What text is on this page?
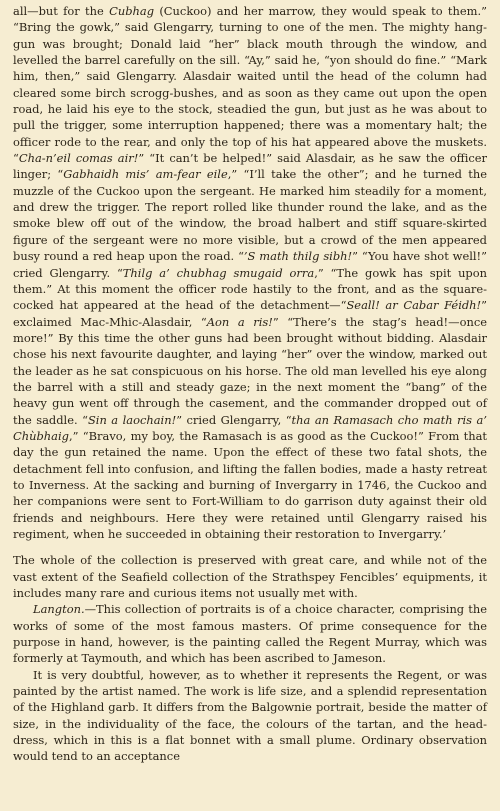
all—but for the Cubhag (Cuckoo) and her marrow, they would speak to them.” “Bring the gowk,” said Glengarry, turning to one of the men. The mighty hang-gun was brought; Donald laid “her” black mouth through the window, and levelled the barrel carefully on the sill. “Ay,” said he, “yon should do fine.” “Mark him, then,” said Glengarry. Alasdair waited until the head of the column had cleared some birch scrogg-bushes, and as soon as they came out upon the open road, he laid his eye to the stock, steadied the gun, but just as he was about to pull the trigger, some interruption happened; there was a momentary halt; the officer rode to the rear, and only the top of his hat appeared above the muskets. “Cha-n’eil comas air!” “It can’t be helped!” said Alasdair, as he saw the officer linger; “Gabhaidh mis’ am-fear eile,” “I’ll take the other”; and he turned the muzzle of the Cuckoo upon the sergeant. He marked him steadily for a moment, and drew the trigger. The report rolled like thunder round the lake, and as the smoke blew off out of the window, the broad halbert and stiff square-skirted figure of the sergeant were no more visible, but a crowd of the men appeared busy round a red heap upon the road. “’S math thilg sibh!” “You have shot well!” cried Glengarry. “Thilg a’ chubhag smugaid orra,” “The gowk has spit upon them.” At this moment the officer rode hastily to the front, and as the square-cocked hat appeared at the head of the detachment—“Seall! ar Cabar Féidh!” exclaimed Mac-Mhic-Alasdair, “Aon a ris!” “There’s the stag’s head!—once more!” By this time the other guns had been brought without bidding. Alasdair chose his next favourite daughter, and laying “her” over the window, marked out the leader as he sat conspicuous on his horse. The old man levelled his eye along the barrel with a still and steady gaze; in the next moment the “bang” of the heavy gun went off through the casement, and the commander dropped out of the saddle. “Sin a laochain!” cried Glengarry, “tha an Ramasach cho math ris a’ Chùbhaig,” “Bravo, my boy, the Ramasach is as good as the Cuckoo!” From that day the gun retained the name. Upon the effect of these two fatal shots, the detachment fell into confusion, and lifting the fallen bodies, made a hasty retreat to Inverness. At the sacking and burning of Invergarry in 1746, the Cuckoo and her companions were sent to Fort-William to do garrison duty against their old friends and neighbours. Here they were retained until Glengarry raised his regiment, when he succeeded in obtaining their restoration to Invergarry.’

The whole of the collection is preserved with great care, and while not of the vast extent of the Seafield collection of the Strathspey Fencibles’ equipments, it includes many rare and curious items not usually met with.

Langton.—This collection of portraits is of a choice character, comprising the works of some of the most famous masters. Of prime consequence for the purpose in hand, however, is the painting called the Regent Murray, which was formerly at Taymouth, and which has been ascribed to Jameson.

It is very doubtful, however, as to whether it represents the Regent, or was painted by the artist named. The work is life size, and a splendid representation of the Highland garb. It differs from the Balgownie portrait, beside the matter of size, in the individuality of the face, the colours of the tartan, and the head-dress, which in this is a flat bonnet with a small plume. Ordinary observation would tend to an acceptance
